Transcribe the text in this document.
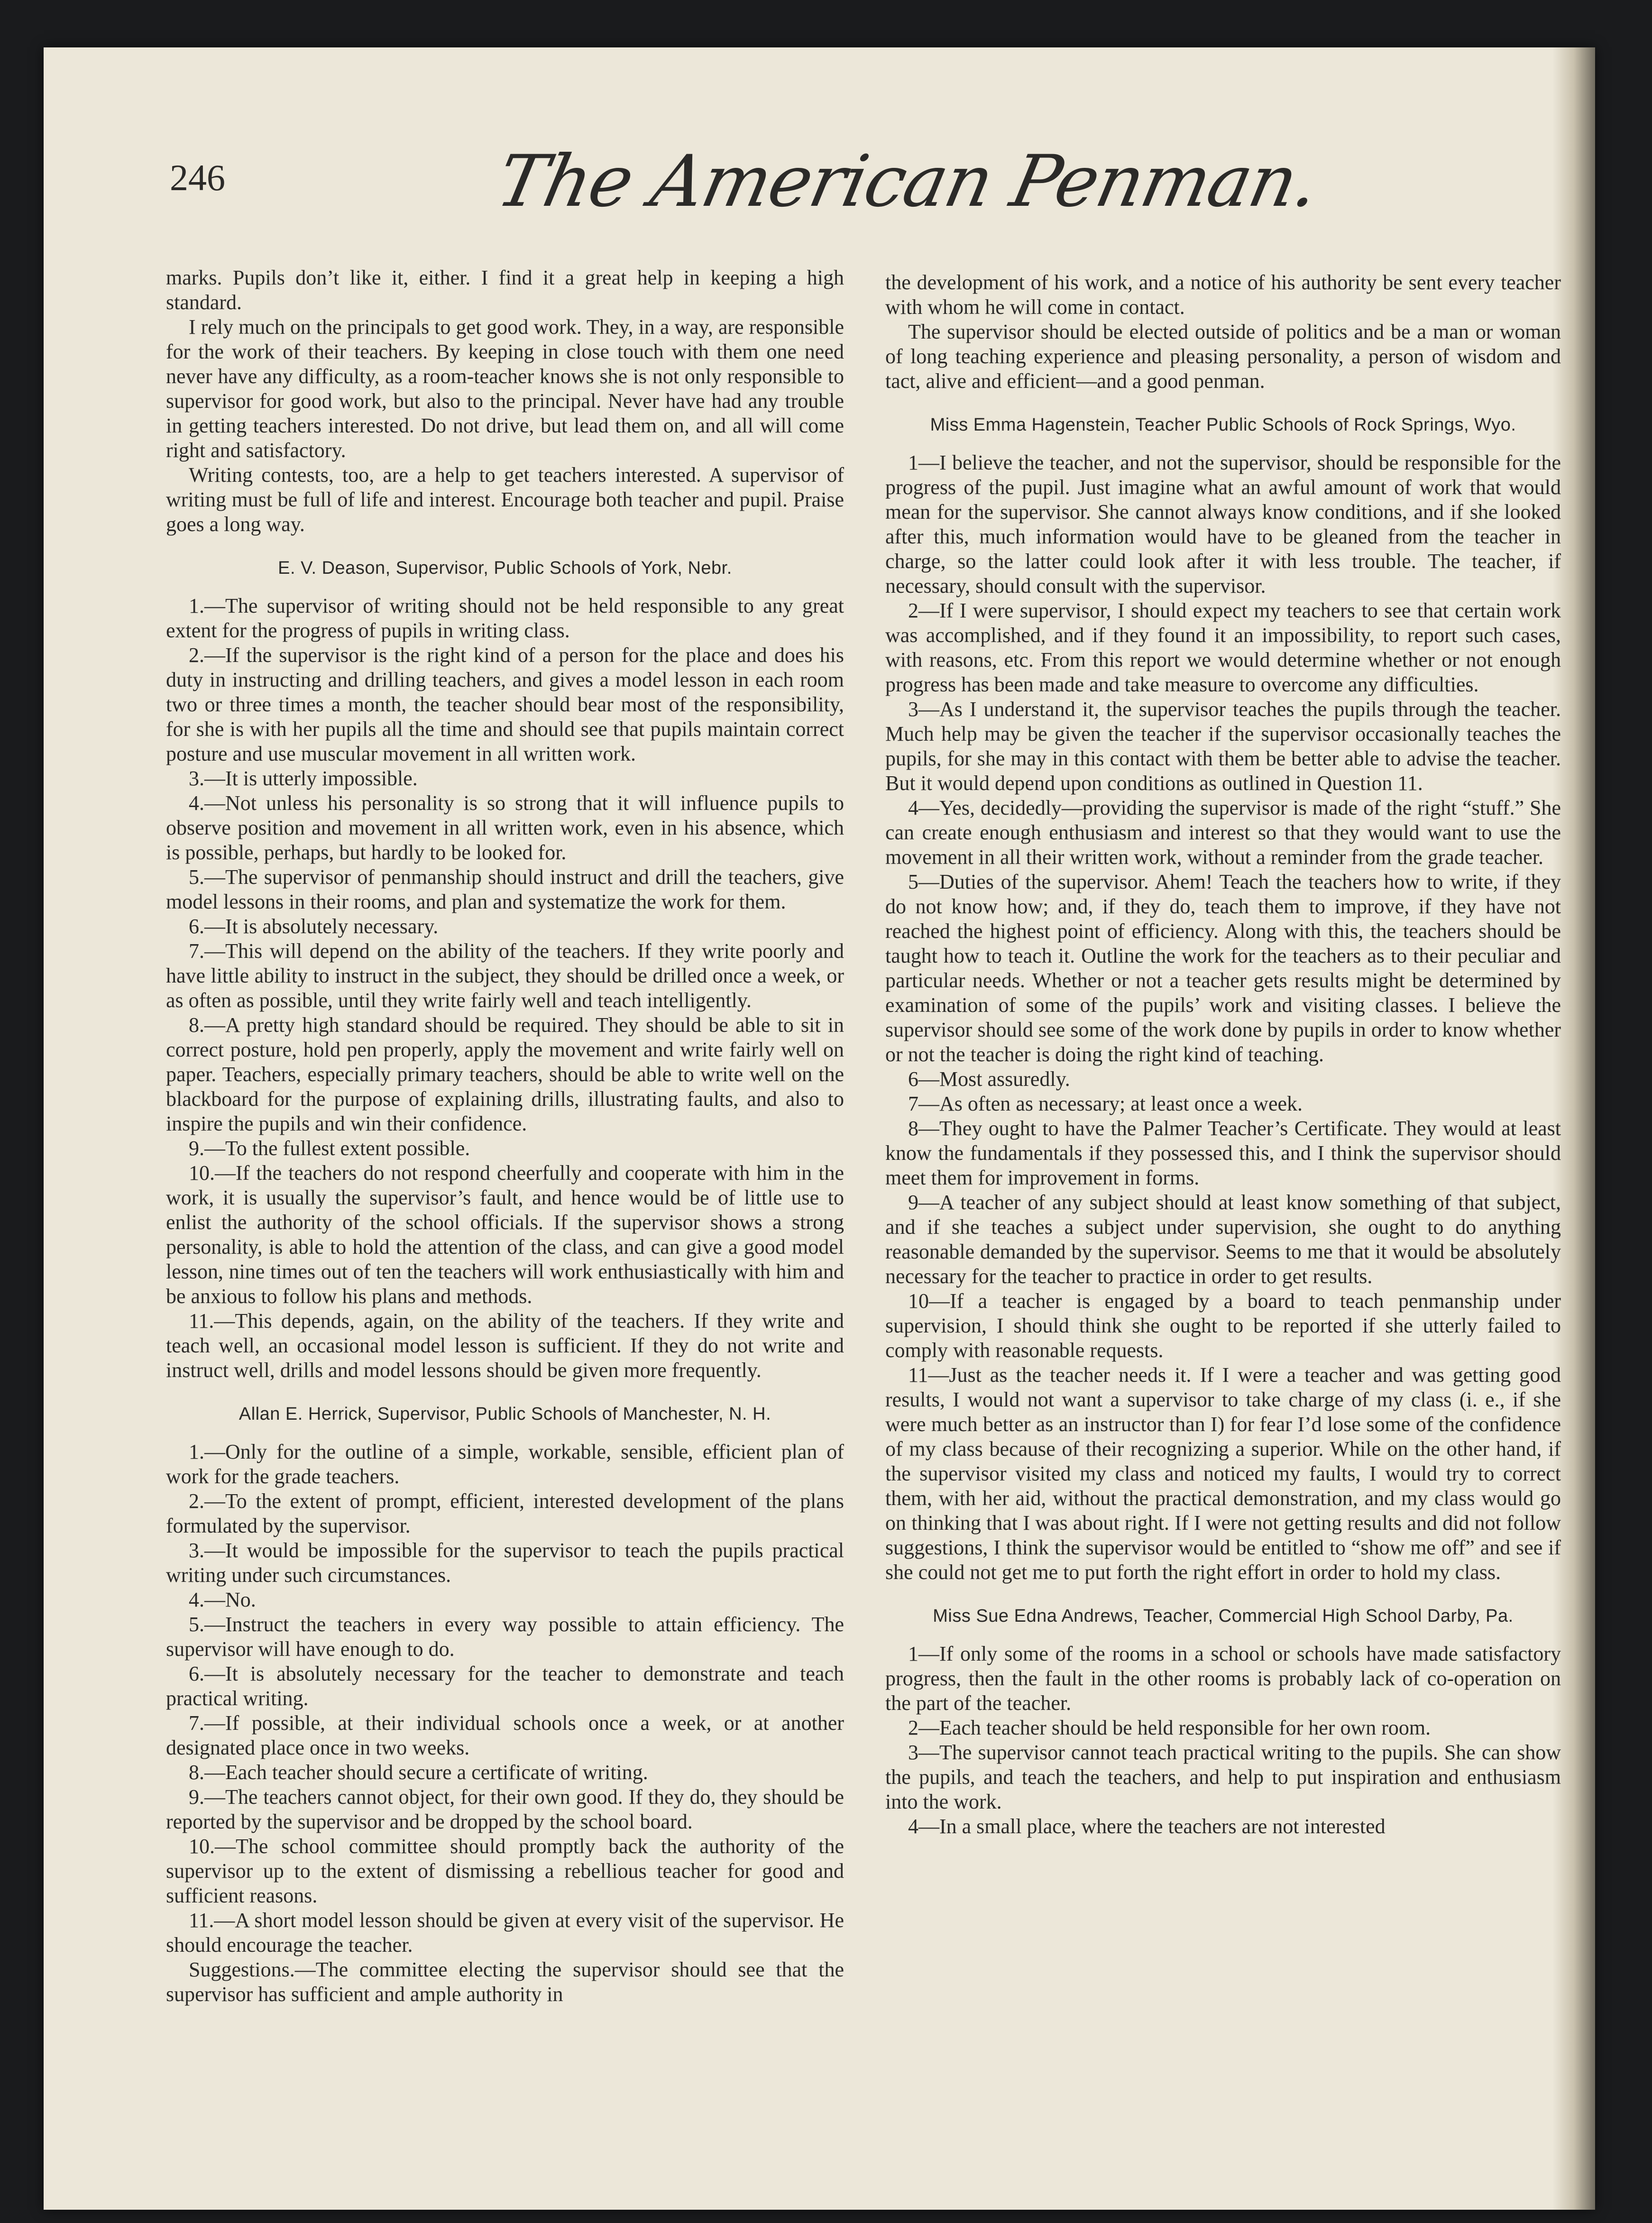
246	The American Penman.

marks. Pupils don’t like it, either. I find it a great help in keeping a high standard.

I rely much on the principals to get good work. They, in a way, are responsible for the work of their teachers. By keeping in close touch with them one need never have any difficulty, as a room-teacher knows she is not only responsible to supervisor for good work, but also to the principal. Never have had any trouble in getting teachers interested. Do not drive, but lead them on, and all will come right and satisfactory.

Writing contests, too, are a help to get teachers interested. A supervisor of writing must be full of life and interest. Encourage both teacher and pupil. Praise goes a long way.

E. V. Deason, Supervisor, Public Schools of York, Nebr.

1.—The supervisor of writing should not be held responsible to any great extent for the progress of pupils in writing class.

2.—If the supervisor is the right kind of a person for the place and does his duty in instructing and drilling teachers, and gives a model lesson in each room two or three times a month, the teacher should bear most of the responsibility, for she is with her pupils all the time and should see that pupils maintain correct posture and use muscular movement in all written work.

3.—It is utterly impossible.

4.—Not unless his personality is so strong that it will influence pupils to observe position and movement in all written work, even in his absence, which is possible, perhaps, but hardly to be looked for.

5.—The supervisor of penmanship should instruct and drill the teachers, give model lessons in their rooms, and plan and systematize the work for them.

6.—It is absolutely necessary.

7.—This will depend on the ability of the teachers. If they write poorly and have little ability to instruct in the subject, they should be drilled once a week, or as often as possible, until they write fairly well and teach intelligently.

8.—A pretty high standard should be required. They should be able to sit in correct posture, hold pen properly, apply the movement and write fairly well on paper. Teachers, especially primary teachers, should be able to write well on the blackboard for the purpose of explaining drills, illustrating faults, and also to inspire the pupils and win their confidence.

9.—To the fullest extent possible.

10.—If the teachers do not respond cheerfully and cooperate with him in the work, it is usually the supervisor’s fault, and hence would be of little use to enlist the authority of the school officials. If the supervisor shows a strong personality, is able to hold the attention of the class, and can give a good model lesson, nine times out of ten the teachers will work enthusiastically with him and be anxious to follow his plans and methods.

11.—This depends, again, on the ability of the teachers. If they write and teach well, an occasional model lesson is sufficient. If they do not write and instruct well, drills and model lessons should be given more frequently.

Allan E. Herrick, Supervisor, Public Schools of Manchester, N. H.

1.—Only for the outline of a simple, workable, sensible, efficient plan of work for the grade teachers.

2.—To the extent of prompt, efficient, interested development of the plans formulated by the supervisor.

3.—It would be impossible for the supervisor to teach the pupils practical writing under such circumstances.

4.—No.

5.—Instruct the teachers in every way possible to attain efficiency. The supervisor will have enough to do.

6.—It is absolutely necessary for the teacher to demonstrate and teach practical writing.

7.—If possible, at their individual schools once a week, or at another designated place once in two weeks.

8.—Each teacher should secure a certificate of writing.

9.—The teachers cannot object, for their own good. If they do, they should be reported by the supervisor and be dropped by the school board.

10.—The school committee should promptly back the authority of the supervisor up to the extent of dismissing a rebellious teacher for good and sufficient reasons.

11.—A short model lesson should be given at every visit of the supervisor. He should encourage the teacher.

Suggestions.—The committee electing the supervisor should see that the supervisor has sufficient and ample authority in

the development of his work, and a notice of his authority be sent every teacher with whom he will come in contact.

The supervisor should be elected outside of politics and be a man or woman of long teaching experience and pleasing personality, a person of wisdom and tact, alive and efficient—and a good penman.

Miss Emma Hagenstein, Teacher Public Schools of Rock Springs, Wyo.

1—I believe the teacher, and not the supervisor, should be responsible for the progress of the pupil. Just imagine what an awful amount of work that would mean for the supervisor. She cannot always know conditions, and if she looked after this, much information would have to be gleaned from the teacher in charge, so the latter could look after it with less trouble. The teacher, if necessary, should consult with the supervisor.

2—If I were supervisor, I should expect my teachers to see that certain work was accomplished, and if they found it an impossibility, to report such cases, with reasons, etc. From this report we would determine whether or not enough progress has been made and take measure to overcome any difficulties.

3—As I understand it, the supervisor teaches the pupils through the teacher. Much help may be given the teacher if the supervisor occasionally teaches the pupils, for she may in this contact with them be better able to advise the teacher. But it would depend upon conditions as outlined in Question 11.

4—Yes, decidedly—providing the supervisor is made of the right “stuff.” She can create enough enthusiasm and interest so that they would want to use the movement in all their written work, without a reminder from the grade teacher.

5—Duties of the supervisor. Ahem! Teach the teachers how to write, if they do not know how; and, if they do, teach them to improve, if they have not reached the highest point of efficiency. Along with this, the teachers should be taught how to teach it. Outline the work for the teachers as to their peculiar and particular needs. Whether or not a teacher gets results might be determined by examination of some of the pupils’ work and visiting classes. I believe the supervisor should see some of the work done by pupils in order to know whether or not the teacher is doing the right kind of teaching.

6—Most assuredly.

7—As often as necessary; at least once a week.

8—They ought to have the Palmer Teacher’s Certificate. They would at least know the fundamentals if they possessed this, and I think the supervisor should meet them for improvement in forms.

9—A teacher of any subject should at least know something of that subject, and if she teaches a subject under supervision, she ought to do anything reasonable demanded by the supervisor. Seems to me that it would be absolutely necessary for the teacher to practice in order to get results.

10—If a teacher is engaged by a board to teach penmanship under supervision, I should think she ought to be reported if she utterly failed to comply with reasonable requests.

11—Just as the teacher needs it. If I were a teacher and was getting good results, I would not want a supervisor to take charge of my class (i. e., if she were much better as an instructor than I) for fear I’d lose some of the confidence of my class because of their recognizing a superior. While on the other hand, if the supervisor visited my class and noticed my faults, I would try to correct them, with her aid, without the practical demonstration, and my class would go on thinking that I was about right. If I were not getting results and did not follow suggestions, I think the supervisor would be entitled to “show me off” and see if she could not get me to put forth the right effort in order to hold my class.

Miss Sue Edna Andrews, Teacher, Commercial High School Darby, Pa.

1—If only some of the rooms in a school or schools have made satisfactory progress, then the fault in the other rooms is probably lack of co-operation on the part of the teacher.

2—Each teacher should be held responsible for her own room.

3—The supervisor cannot teach practical writing to the pupils. She can show the pupils, and teach the teachers, and help to put inspiration and enthusiasm into the work.

4—In a small place, where the teachers are not interested
